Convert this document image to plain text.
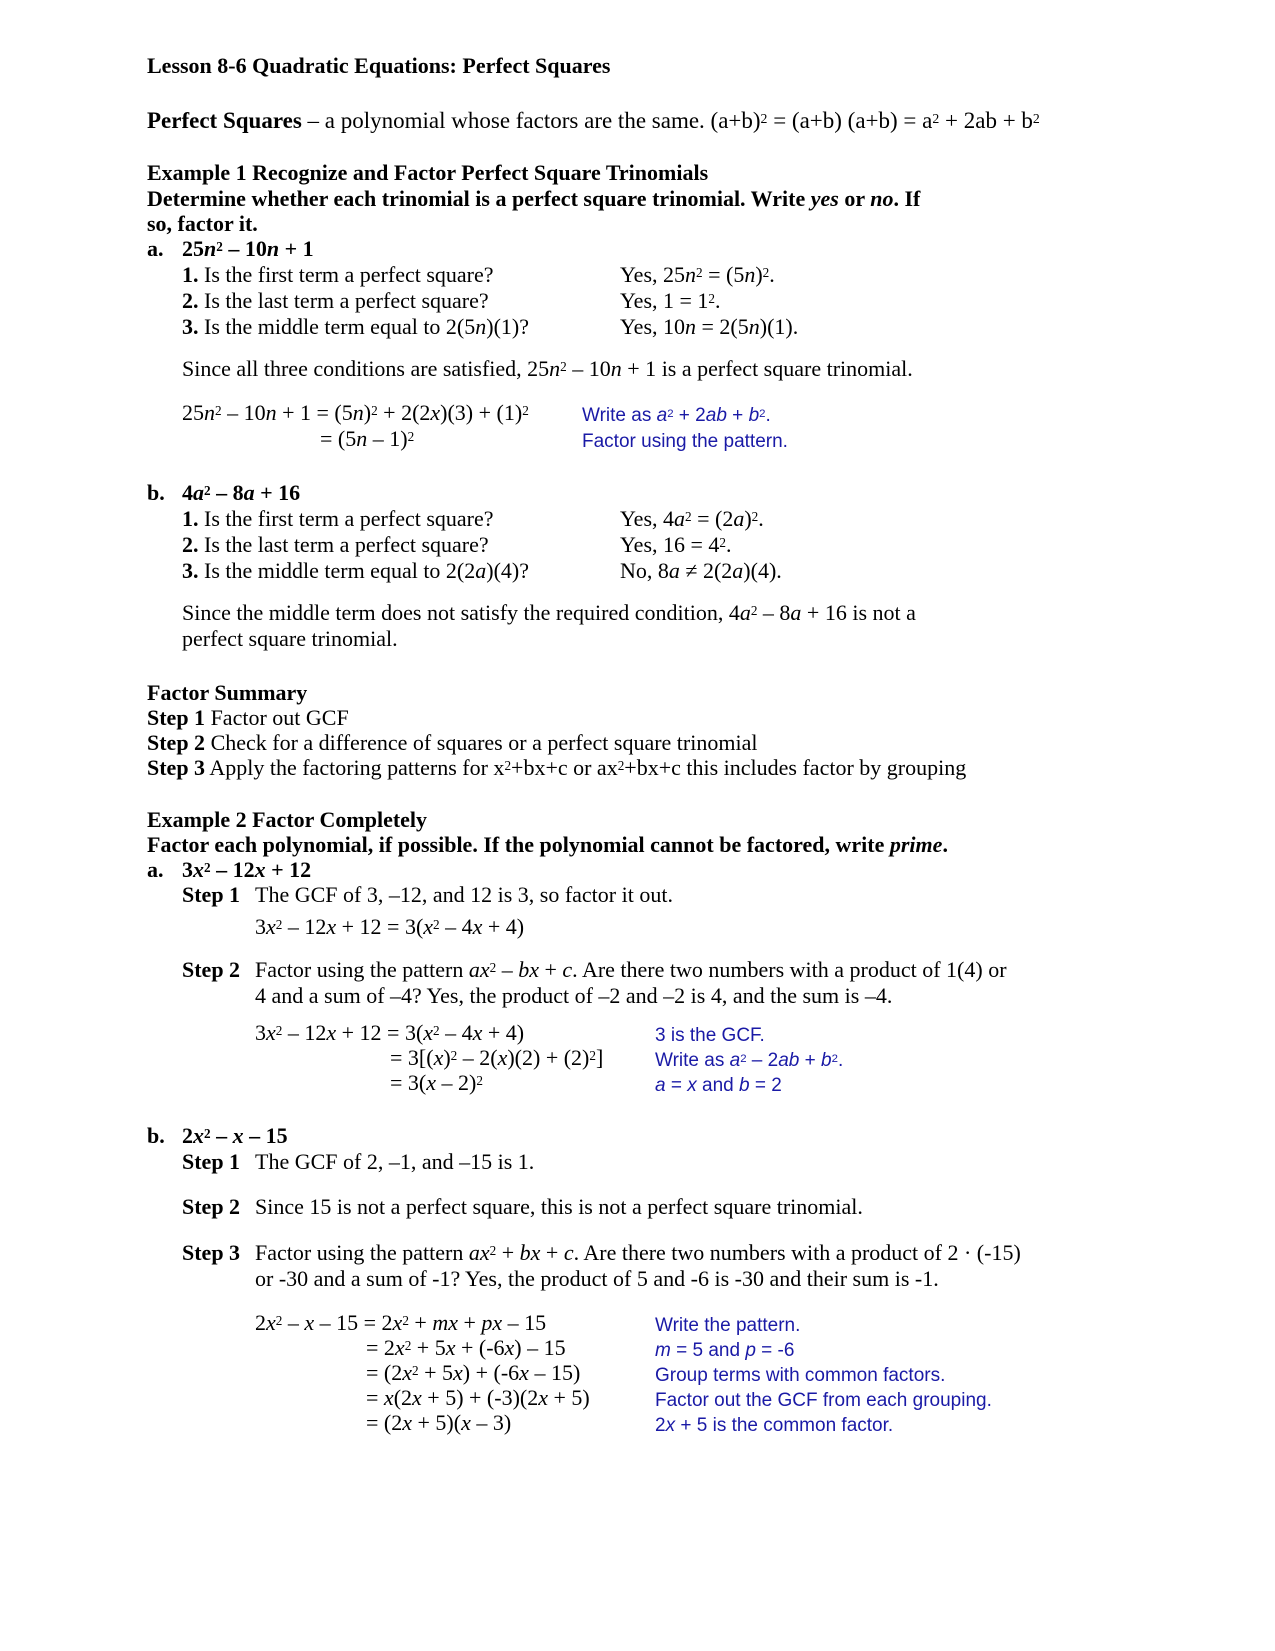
Lesson 8-6 Quadratic Equations: Perfect Squares
Perfect Squares – a polynomial whose factors are the same. $(a+b)^2 = (a+b) (a+b) = a^2 + 2ab + b^2$
Example 1 Recognize and Factor Perfect Square Trinomials
Determine whether each trinomial is a perfect square trinomial. Write yes or no. If
so, factor it.
a. $25n^2 - 10n + 1$
1. Is the first term a perfect square?
2. Is the last term a perfect square?
3. Is the middle term equal to 2(5n)(1)?
Yes, $25n^2 = (5n)^2$.
Yes, $1 = 1^2$.
Yes, 10n = 2(5n)(1).
Since all three conditions are satisfied, $25n^2 - 10n + 1$ is a perfect square trinomial.
$25n^2 - 10n + 1 = (5n)^2 + 2(2x)(3) + (1)^2$
= (5n – 1)$^2$
Write as $a^2 + 2ab + b^2$.
Factor using the pattern.
b. $4a^2 - 8a + 16$
1. Is the first term a perfect square?
2. Is the last term a perfect square?
3. Is the middle term equal to 2(2a)(4)?
Yes, $4a^2 = (2a)^2$.
Yes, $16 = 4^2$.
No, 8a ≠ 2(2a)(4).
Since the middle term does not satisfy the required condition, $4a^2 - 8a + 16$ is not a
perfect square trinomial.
Factor Summary
Step 1 Factor out GCF
Step 2 Check for a difference of squares or a perfect square trinomial
Step 3 Apply the factoring patterns for $x^2+bx+c$ or $ax^2+bx+c$ this includes factor by grouping
Example 2 Factor Completely
Factor each polynomial, if possible. If the polynomial cannot be factored, write prime.
a. $3x^2 - 12x + 12$
Step 1 The GCF of 3, –12, and 12 is 3, so factor it out.
$3x^2 - 12x + 12 = 3(x^2 - 4x + 4)$
Step 2 Factor using the pattern $ax^2$ – bx + c. Are there two numbers with a product of 1(4) or
4 and a sum of –4? Yes, the product of –2 and –2 is 4, and the sum is –4.
$3x^2 - 12x + 12 = 3(x^2 - 4x + 4)$
= $3[(x)^2 - 2(x)(2) + (2)^2]$
= 3(x – 2)$^2$
3 is the GCF.
Write as $a^2 - 2ab + b^2$.
a = x and b = 2
b. $2x^2$ – x – 15
Step 1 The GCF of 2, –1, and –15 is 1.
Step 2 Since 15 is not a perfect square, this is not a perfect square trinomial.
Step 3 Factor using the pattern $ax^2$ + bx + c. Are there two numbers with a product of 2 · (-15)
or -30 and a sum of -1? Yes, the product of 5 and -6 is -30 and their sum is -1.
$2x^2 - x - 15 = 2x^2$ + mx + px – 15
= $2x^2 + 5x + (-6x) - 15$
= $(2x^2 + 5x) + (-6x - 15)$
= x(2x + 5) + (-3)(2x + 5)
= (2x + 5)(x – 3)
Write the pattern.
m = 5 and p = -6
Group terms with common factors.
Factor out the GCF from each grouping.
2x + 5 is the common factor.
